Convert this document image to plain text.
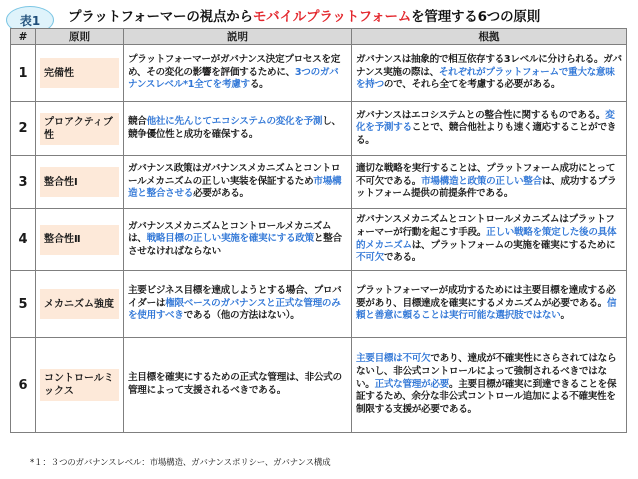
表1	プラットフォーマーの視点からモバイルプラットフォームを管理する6つの原則
#	原則	説明	根拠
1	完備性	プラットフォーマーがガバナンス決定プロセスを定め、その変化の影響を評価するために、3つのガバナンスレベル*1全てを考慮する。	ガバナンスは抽象的で相互依存する3レベルに分けられる。ガバナンス実施の際は、それぞれがプラットフォームで重大な意味を持つので、それら全てを考慮する必要がある。
2	プロアクティブ性	競合他社に先んじてエコシステムの変化を予測し、競争優位性と成功を確保する。	ガバナンスはエコシステムとの整合性に関するものである。変化を予測することで、競合他社よりも速く適応することができる。
3	整合性Ⅰ	ガバナンス政策はガバナンスメカニズムとコントロールメカニズムの正しい実装を保証するため市場構造と整合させる必要がある。	適切な戦略を実行することは、プラットフォーム成功にとって不可欠である。市場構造と政策の正しい整合は、成功するプラットフォーム提供の前提条件である。
4	整合性Ⅱ	ガバナンスメカニズムとコントロールメカニズムは、戦略目標の正しい実施を確実にする政策と整合させなければならない	ガバナンスメカニズムとコントロールメカニズムはプラットフォーマーが行動を起こす手段。正しい戦略を策定した後の具体的メカニズムは、プラットフォームの実施を確実にするために不可欠である。
5	メカニズム強度	主要ビジネス目標を達成しようとする場合、プロバイダーは権限ベースのガバナンスと正式な管理のみを使用すべきである（他の方法はない）。	プラットフォーマーが成功するためには主要目標を達成する必要があり、目標達成を確実にするメカニズムが必要である。信頼と善意に頼ることは実行可能な選択肢ではない。
6	コントロールミックス	主目標を確実にするための正式な管理は、非公式の管理によって支援されるべきである。	主要目標は不可欠であり、達成が不確実性にさらされてはならないし、非公式コントロールによって強制されるべきではない。正式な管理が必要。主要目標が確実に到達できることを保証するため、余分な非公式コントロール追加による不確実性を制限する支援が必要である。
*１：３つのガバナンスレベル：市場構造、ガバナンスポリシー、ガバナンス構成
